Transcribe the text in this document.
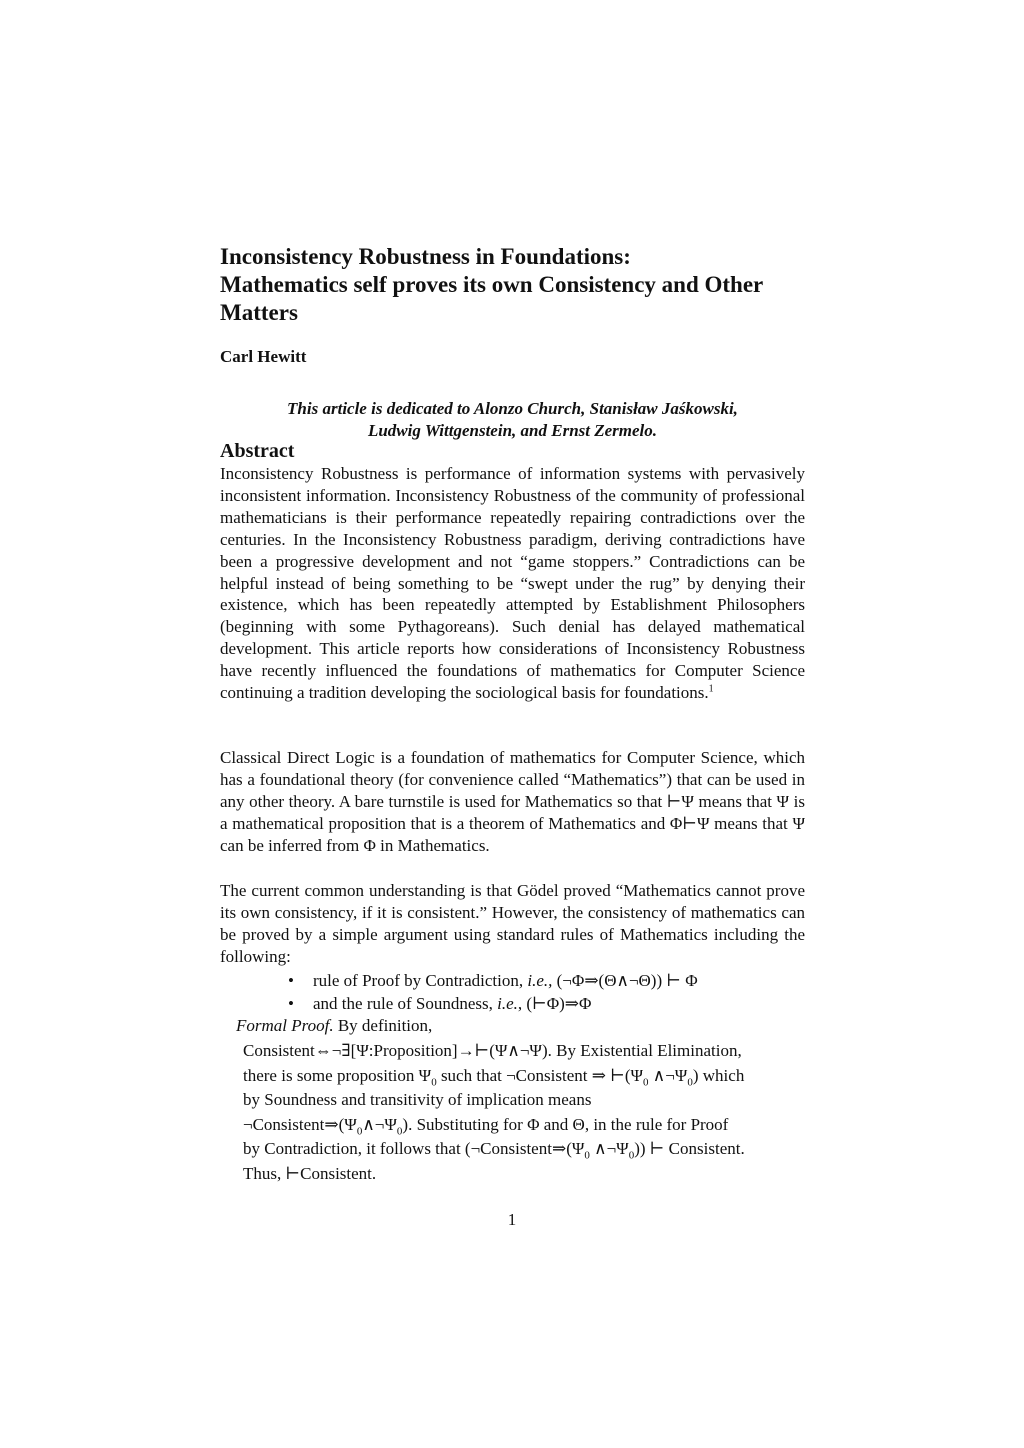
Inconsistency Robustness in Foundations:
Mathematics self proves its own Consistency and Other
Matters
Carl Hewitt
This article is dedicated to Alonzo Church, Stanisław Jaśkowski,
Ludwig Wittgenstein, and Ernst Zermelo.
Abstract
Inconsistency Robustness is performance of information systems with pervasively inconsistent information. Inconsistency Robustness of the community of professional mathematicians is their performance repeatedly repairing contradictions over the centuries. In the Inconsistency Robustness paradigm, deriving contradictions have been a progressive development and not “game stoppers.” Contradictions can be helpful instead of being something to be “swept under the rug” by denying their existence, which has been repeatedly attempted by Establishment Philosophers (beginning with some Pythagoreans). Such denial has delayed mathematical development. This article reports how considerations of Inconsistency Robustness have recently influenced the foundations of mathematics for Computer Science continuing a tradition developing the sociological basis for foundations.$^1$
Classical Direct Logic is a foundation of mathematics for Computer Science, which has a foundational theory (for convenience called “Mathematics”) that can be used in any other theory. A bare turnstile is used for Mathematics so that ⊢Ψ means that Ψ is a mathematical proposition that is a theorem of Mathematics and Φ⊢Ψ means that Ψ can be inferred from Φ in Mathematics.
The current common understanding is that Gödel proved “Mathematics cannot prove its own consistency, if it is consistent.” However, the consistency of mathematics can be proved by a simple argument using standard rules of Mathematics including the following:
•	rule of Proof by Contradiction, i.e., (¬Φ⇒(Θ∧¬Θ)) ⊢ Φ
•	and the rule of Soundness, i.e., (⊢Φ)⇒Φ
Formal Proof. By definition,
Consistent⇔¬∃[Ψ:Proposition]→⊢(Ψ∧¬Ψ). By Existential Elimination,
there is some proposition $\Psi_0$ such that ¬Consistent ⇒ $⊢(\Psi_0$ $\wedge\neg\Psi_0$) which
by Soundness and transitivity of implication means
$\neg Consistent\Rightarrow(\Psi_0\wedge\neg\Psi_0)$. Substituting for Φ and Θ, in the rule for Proof
by Contradiction, it follows that ($\neg Consistent\Rightarrow(\Psi_0$ $\wedge\neg\Psi_0$)) ⊢ Consistent.
Thus, ⊢Consistent.
1
